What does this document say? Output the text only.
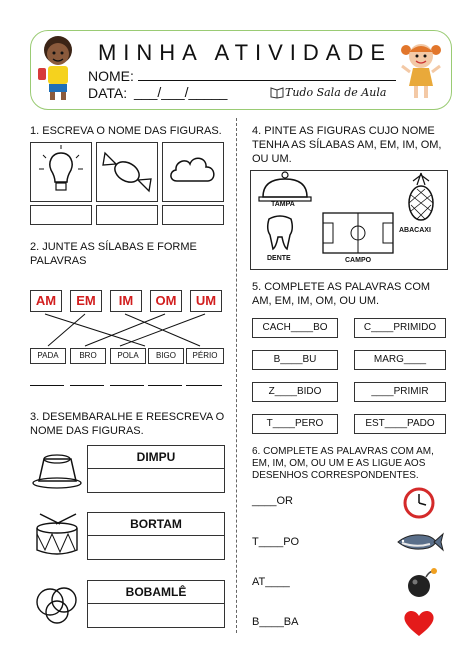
MINHA ATIVIDADE
NOME:
DATA: ___/___/_____	Tudo Sala de Aula
1. ESCREVA O NOME DAS FIGURAS.
2. JUNTE AS SÍLABAS E FORME PALAVRAS
AM	EM	IM	OM	UM
PADA	BRO	POLA	BIGO	PÉRIO
3. DESEMBARALHE E REESCREVA O NOME DAS FIGURAS.
DIMPU
BORTAM
BOBAMLÊ
4. PINTE AS FIGURAS CUJO NOME TENHA AS SÍLABAS AM, EM, IM, OM, OU UM.
TAMPA
ABACAXI
DENTE	CAMPO
5. COMPLETE AS PALAVRAS COM AM, EM, IM, OM, OU UM.
CACH____BO	C____PRIMIDO
B____BU	MARG____
Z____BIDO	____PRIMIR
T____PERO	EST____PADO
6. COMPLETE AS PALAVRAS COM AM, EM, IM, OM, OU UM E AS LIGUE AOS DESENHOS CORRESPONDENTES.
____OR
T____PO
AT____
B____BA
